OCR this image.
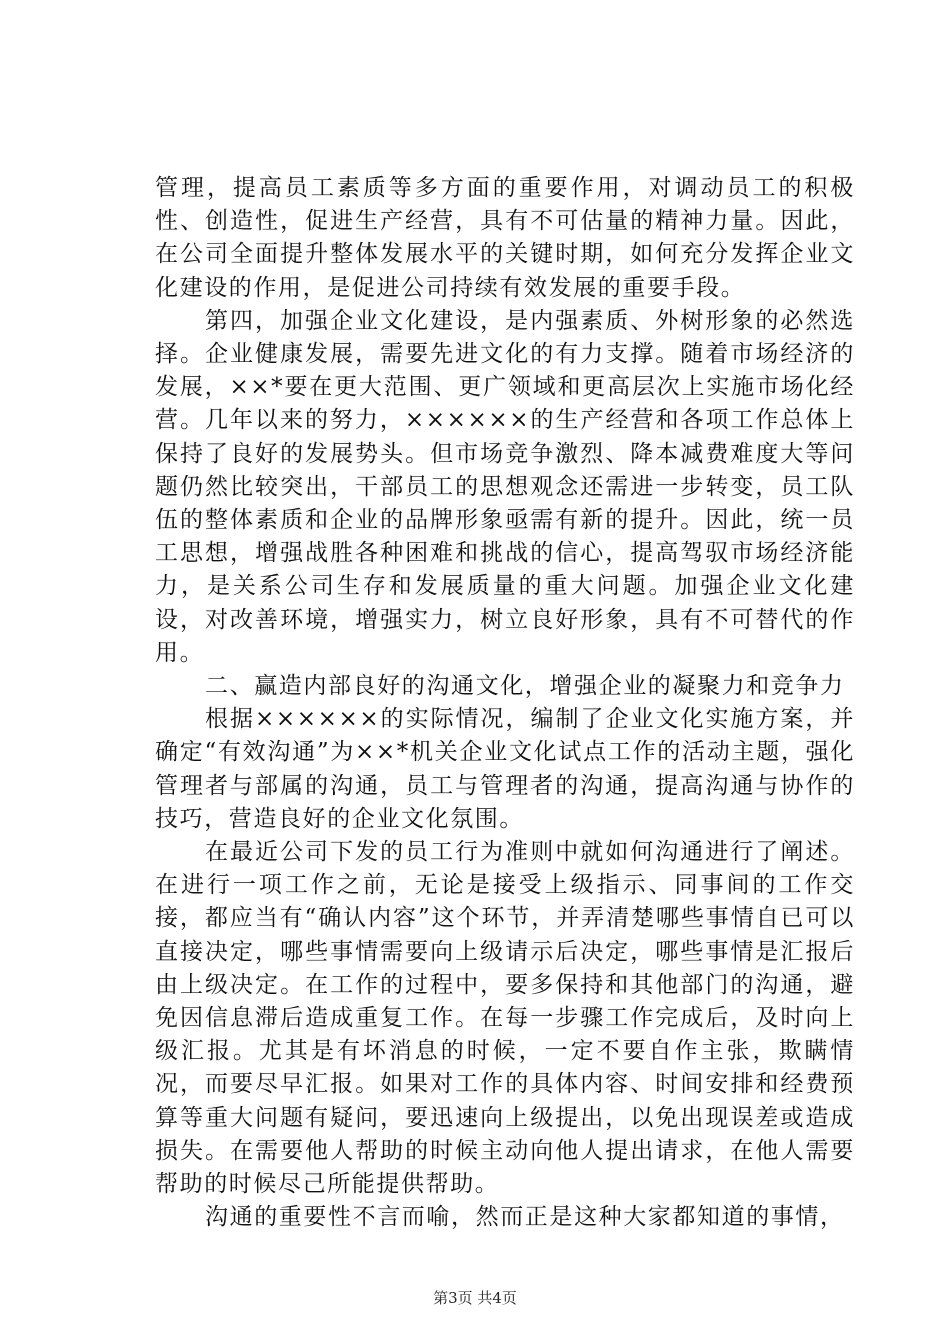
管理，提高员工素质等多方面的重要作用，对调动员工的积极性、创造性，促进生产经营，具有不可估量的精神力量。因此，在公司全面提升整体发展水平的关键时期，如何充分发挥企业文化建设的作用，是促进公司持续有效发展的重要手段。

第四，加强企业文化建设，是内强素质、外树形象的必然选择。企业健康发展，需要先进文化的有力支撑。随着市场经济的发展，××*要在更大范围、更广领域和更高层次上实施市场化经营。几年以来的努力，××××××的生产经营和各项工作总体上保持了良好的发展势头。但市场竞争激烈、降本减费难度大等问题仍然比较突出，干部员工的思想观念还需进一步转变，员工队伍的整体素质和企业的品牌形象亟需有新的提升。因此，统一员工思想，增强战胜各种困难和挑战的信心，提高驾驭市场经济能力，是关系公司生存和发展质量的重大问题。加强企业文化建设，对改善环境，增强实力，树立良好形象，具有不可替代的作用。

二、赢造内部良好的沟通文化，增强企业的凝聚力和竞争力

根据××××××的实际情况，编制了企业文化实施方案，并确定“有效沟通”为××*机关企业文化试点工作的活动主题，强化管理者与部属的沟通，员工与管理者的沟通，提高沟通与协作的技巧，营造良好的企业文化氛围。

在最近公司下发的员工行为准则中就如何沟通进行了阐述。在进行一项工作之前，无论是接受上级指示、同事间的工作交接，都应当有“确认内容”这个环节，并弄清楚哪些事情自已可以直接决定，哪些事情需要向上级请示后决定，哪些事情是汇报后由上级决定。在工作的过程中，要多保持和其他部门的沟通，避免因信息滞后造成重复工作。在每一步骤工作完成后，及时向上级汇报。尤其是有坏消息的时候，一定不要自作主张，欺瞒情况，而要尽早汇报。如果对工作的具体内容、时间安排和经费预算等重大问题有疑问，要迅速向上级提出，以免出现误差或造成损失。在需要他人帮助的时候主动向他人提出请求，在他人需要帮助的时候尽己所能提供帮助。

沟通的重要性不言而喻，然而正是这种大家都知道的事情，

第3页 共4页
